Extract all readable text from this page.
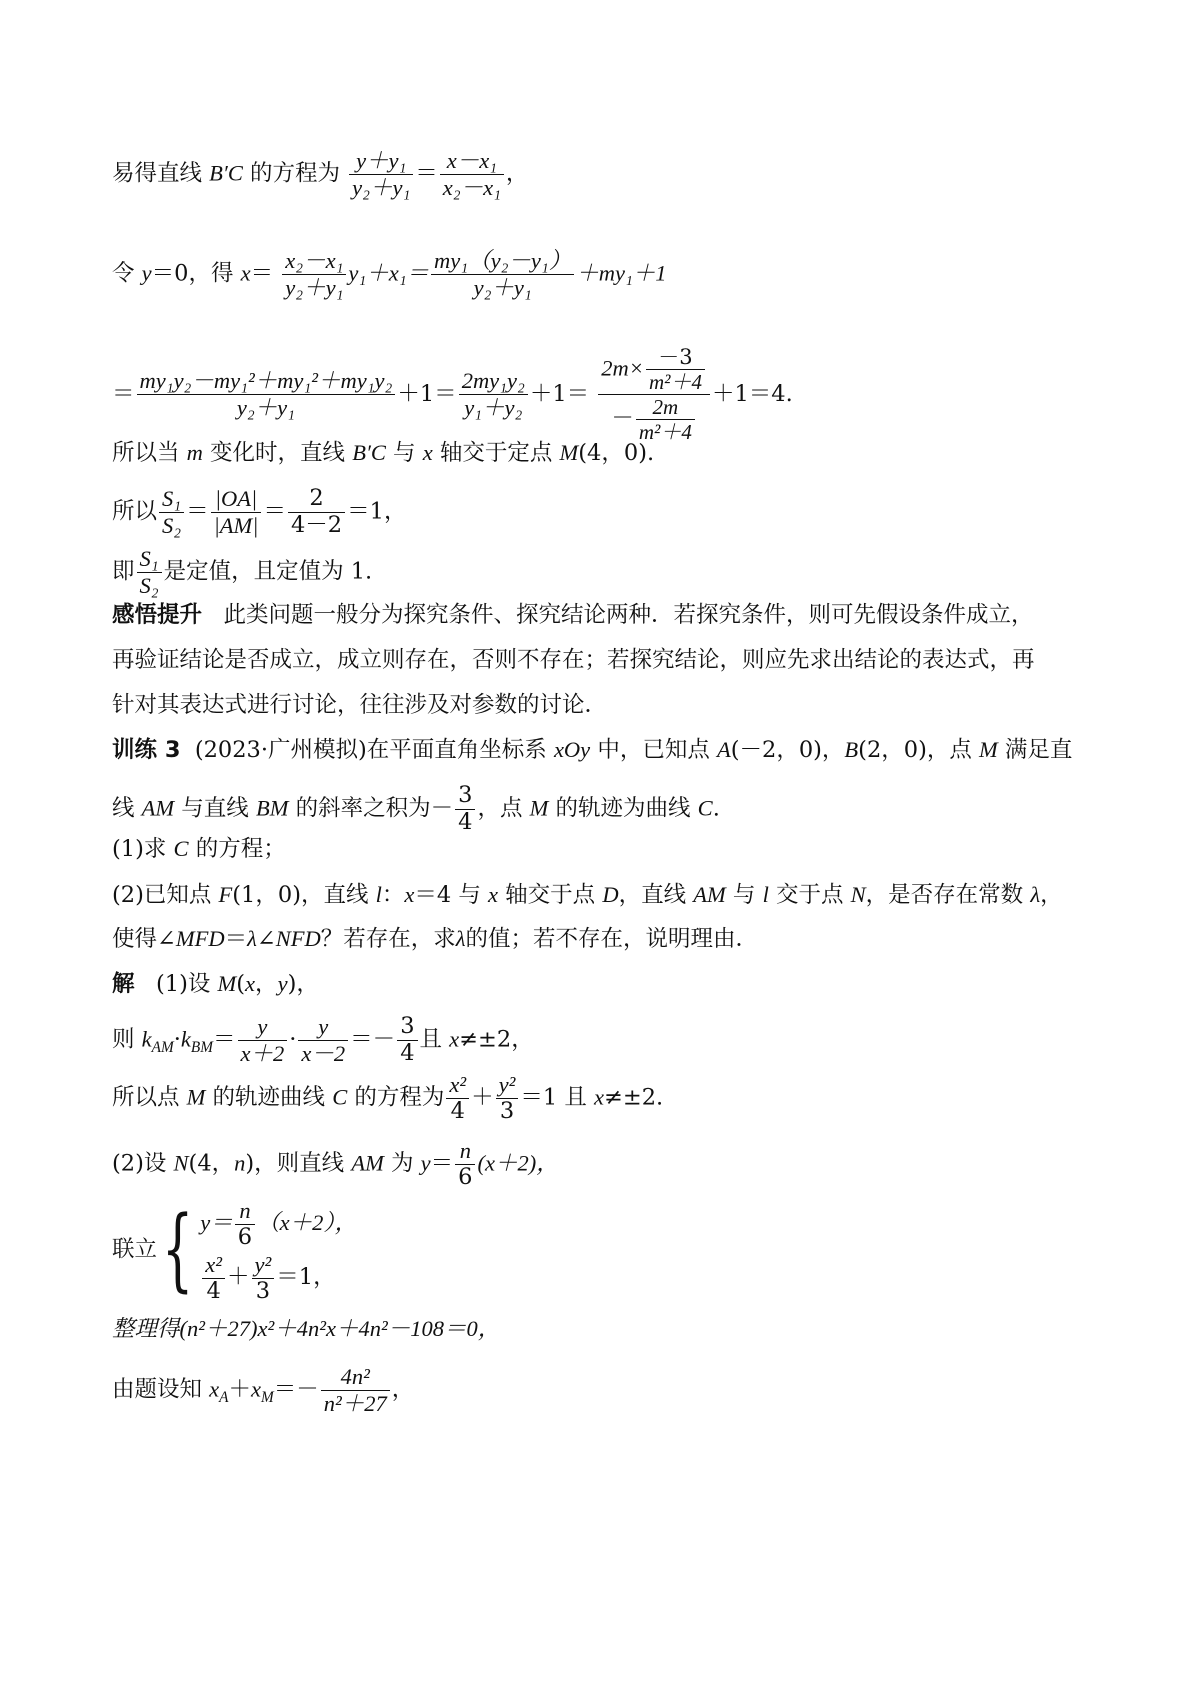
易得直线 B′C 的方程为 $\frac{\text{y＋y₁}}{\text{y₂＋y₁}} = \frac{\text{x－x₁}}{\text{x₂－x₁}}$ ，
令 y＝0，得 $x= \frac{\text{x₂－x₁}}{\text{y₂＋y₁}} y_1+x_1= \frac{\text{my₁（y₂－y₁）}}{\text{y₂＋y₁}} +my_1+1$
＝ $\frac{\text{my₁y₂－my₁²＋my₁²＋my₁y₂}}{\text{y₂＋y₁}} +1= \frac{\text{2my₁y₂}}{\text{y₁＋y₂}} +1= \frac{2m\times \frac{-3}{\text{m²＋4}}}{- \frac{2m}{\text{m²＋4}}} +1=4$.
所以当 m 变化时，直线 B′C 与 x 轴交于定点 M(4，0).
所以 $\frac{\text{S₁}}{\text{S₂}} = \frac{|OA|}{|AM|} = \frac{2}{4-2} =1$，
即 $\frac{\text{S₁}}{\text{S₂}}$ 是定值，且定值为 1.
感悟提升 此类问题一般分为探究条件、探究结论两种．若探究条件，则可先假设条件成立，
再验证结论是否成立，成立则存在，否则不存在；若探究结论，则应先求出结论的表达式，再
针对其表达式进行讨论，往往涉及对参数的讨论．
训练 3 (2023·广州模拟)在平面直角坐标系 xOy 中，已知点 A(－2，0)，B(2，0)，点 M 满足直
线 AM 与直线 BM 的斜率之积为－ $\frac{3}{4}$ ，点 M 的轨迹为曲线 C.
(1)求 C 的方程；
(2)已知点 F(1，0)，直线 l：x＝4 与 x 轴交于点 D，直线 AM 与 l 交于点 N，是否存在常数 λ，
使得∠MFD＝λ∠NFD？若存在，求λ的值；若不存在，说明理由．
解 (1)设 M(x，y)，
则 $k_{AM}\cdot k_{BM}= \frac{y}{x+2} \cdot \frac{y}{x-2} =- \frac{3}{4}$ 且 x≠±2，
所以点 M 的轨迹曲线 C 的方程为 $\frac{\text{x²}}{4} + \frac{\text{y²}}{3} =1$ 且 x≠±2.
(2)设 N(4，n)，则直线 AM 为 $y= \frac{n}{6} (x+2)$，
联立{ $y= \frac{n}{6} (x+2)$，
$\frac{\text{x²}}{4} + \frac{\text{y²}}{3} =1$，
整理得(n²＋27)x²＋4n²x＋4n²－108＝0，
由题设知 $x_A+x_M=- \frac{\text{4n²}}{\text{n²＋27}}$ ，
